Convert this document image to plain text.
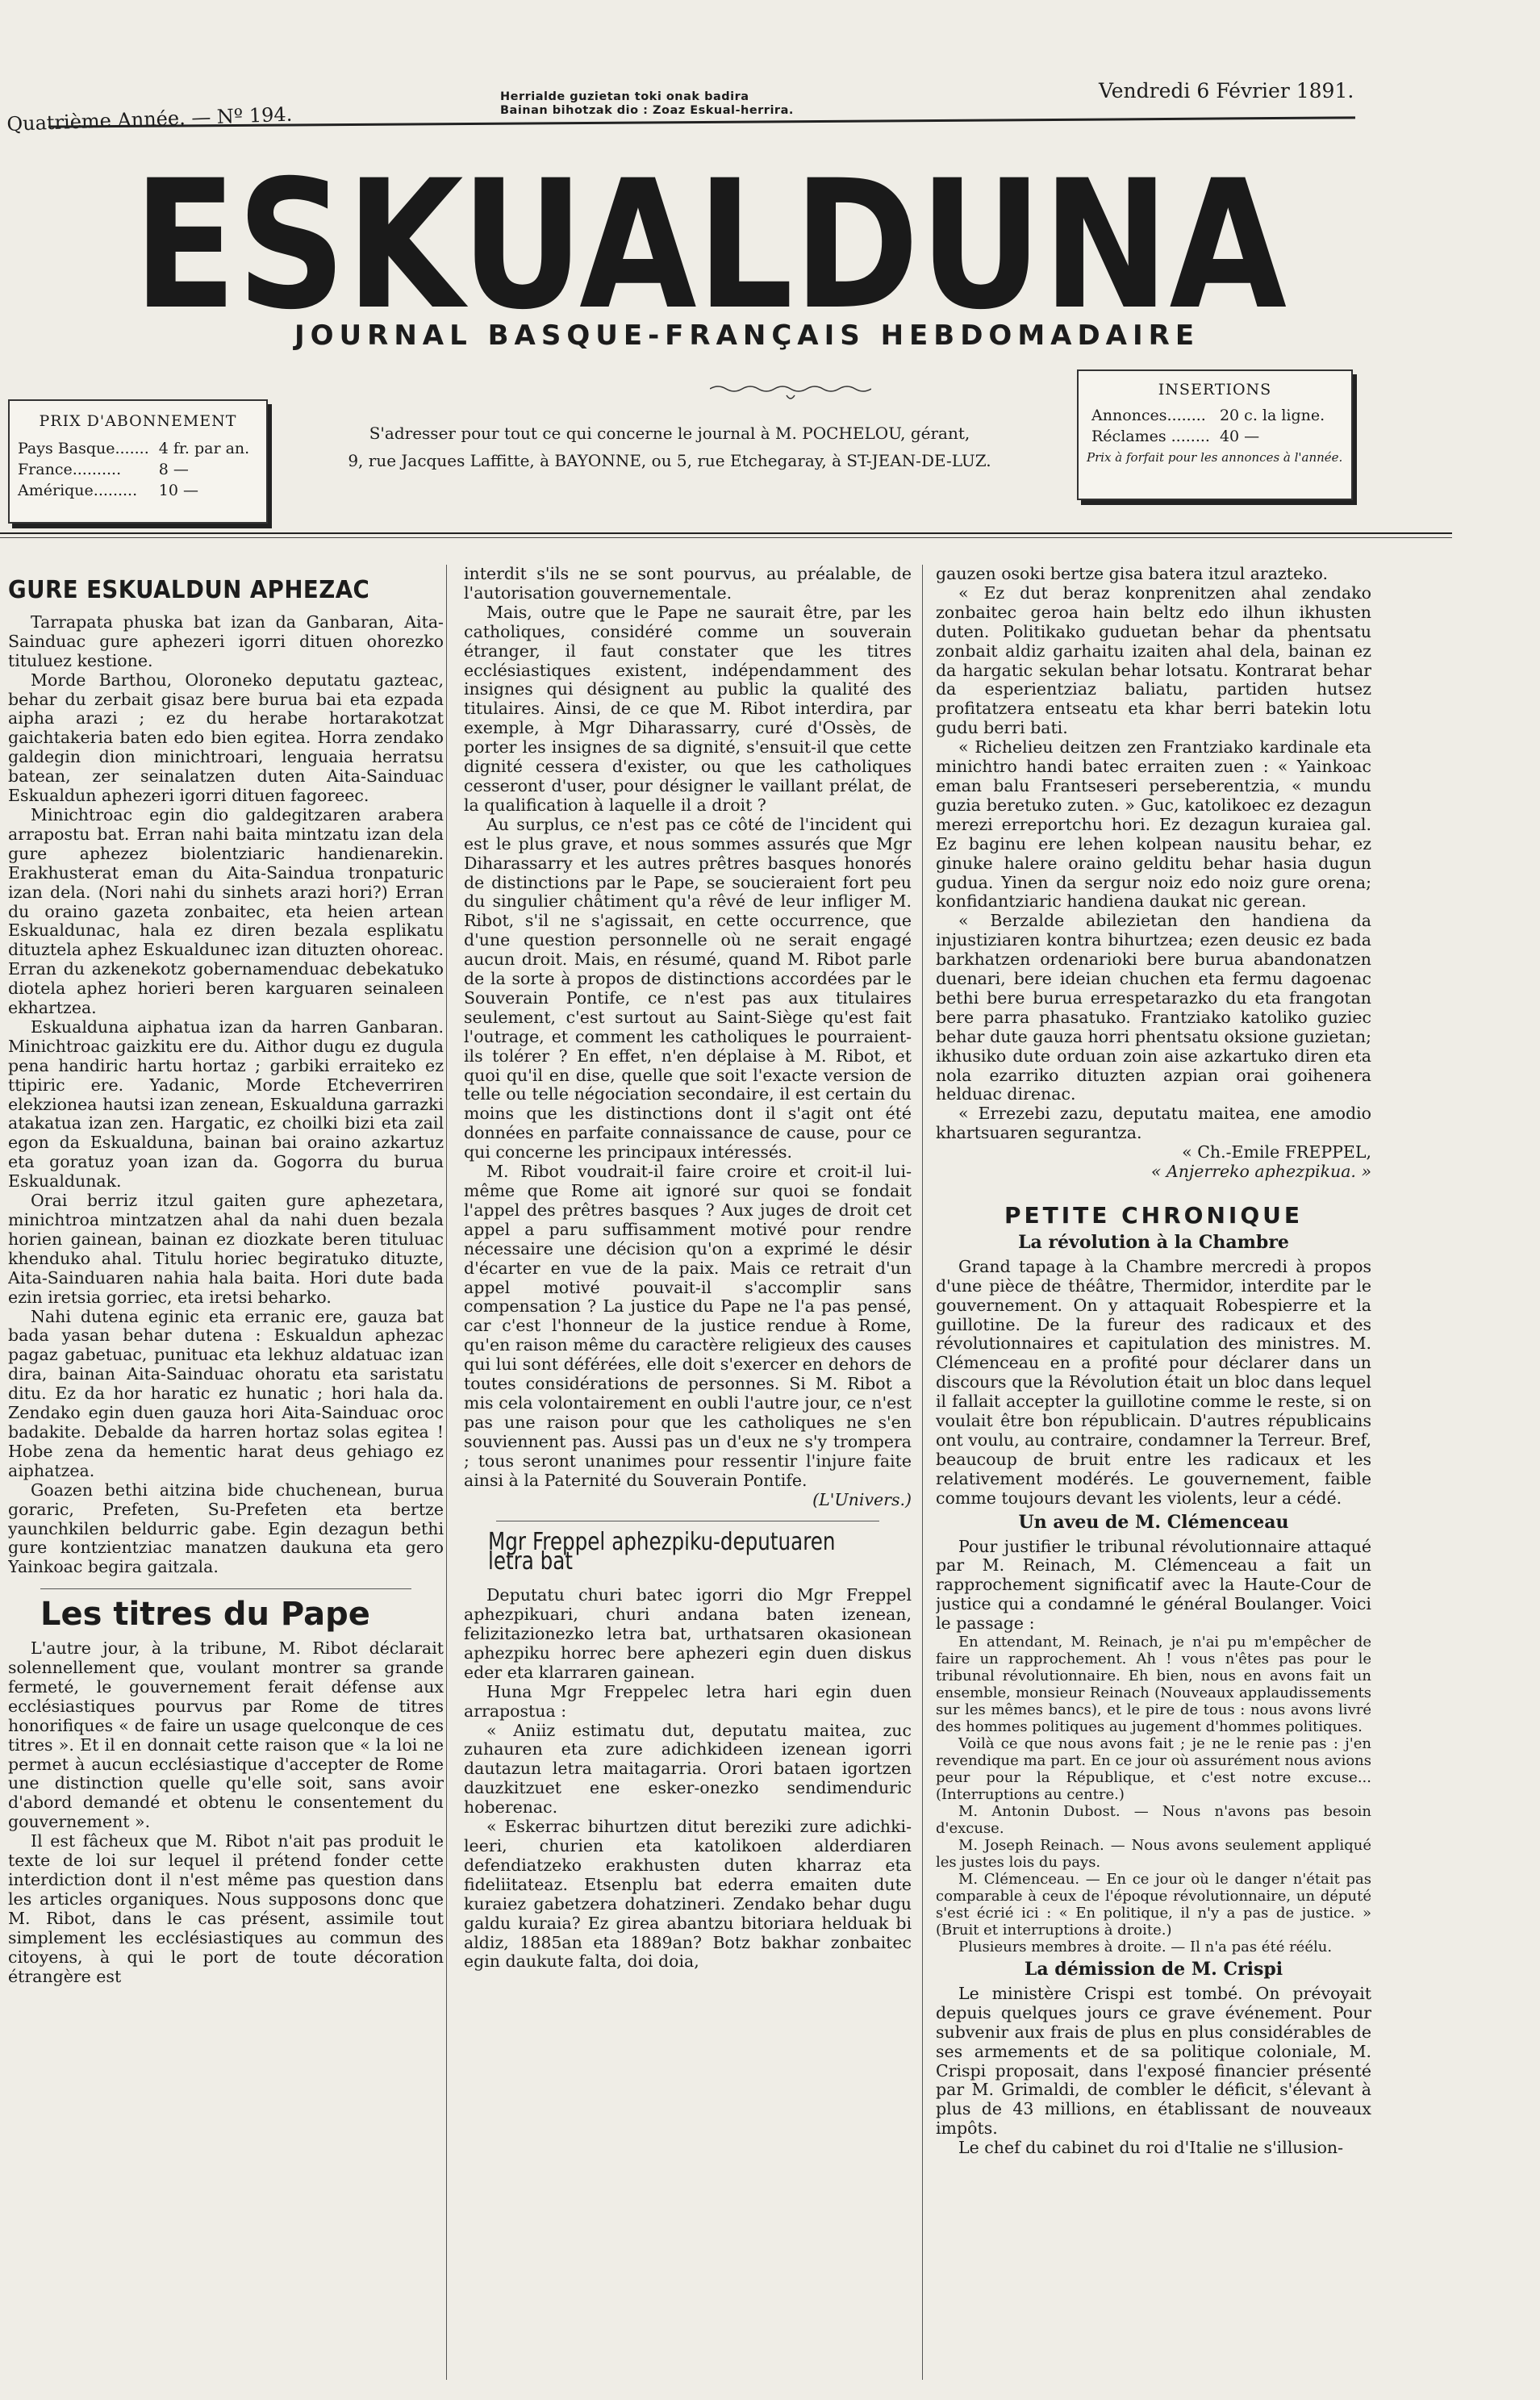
Herrialde guzietan toki onak badira
Bainan bihotzak dio : Zoaz Eskual-herrira.
Quatrième Année. — Nº 194.
Vendredi 6 Février 1891.
ESKUALDUNA
JOURNAL BASQUE-FRANÇAIS HEBDOMADAIRE
PRIX D'ABONNEMENT
Pays Basque.......	4 fr. par an.
France..........	8 —
Amérique.........	10 —
S'adresser pour tout ce qui concerne le journal à M. POCHELOU, gérant,
9, rue Jacques Laffitte, à BAYONNE, ou 5, rue Etchegaray, à ST-JEAN-DE-LUZ.
INSERTIONS
Annonces........	20 c. la ligne.
Réclames ........	40 —
Prix à forfait pour les annonces à l'année.
GURE ESKUALDUN APHEZAC

Tarrapata phuska bat izan da Ganbaran, Aita-Sainduac gure aphezeri igorri dituen ohorezko tituluez kestione.

Morde Barthou, Oloroneko deputatu gazteac, behar du zerbait gisaz bere burua bai eta ezpada aipha arazi ; ez du herabe hortarakotzat gaichtakeria baten edo bien egitea. Horra zendako galdegin dion minichtroari, lenguaia herratsu batean, zer seinalatzen duten Aita-Sainduac Eskualdun aphezeri igorri dituen fagoreec.

Minichtroac egin dio galdegitzaren arabera arrapostu bat. Erran nahi baita mintzatu izan dela gure aphezez biolentziaric handienarekin. Erakhusterat eman du Aita-Saindua tronpaturic izan dela. (Nori nahi du sinhets arazi hori?) Erran du oraino gazeta zonbaitec, eta heien artean Eskualdunac, hala ez diren bezala esplikatu dituztela aphez Eskualdunec izan dituzten ohoreac. Erran du azkenekotz gobernamenduac debekatuko diotela aphez horieri beren karguaren seinaleen ekhartzea.

Eskualduna aiphatua izan da harren Ganbaran. Minichtroac gaizkitu ere du. Aithor dugu ez dugula pena handiric hartu hortaz ; garbiki erraiteko ez ttipiric ere. Yadanic, Morde Etcheverriren elekzionea hautsi izan zenean, Eskualduna garrazki atakatua izan zen. Hargatic, ez choilki bizi eta zail egon da Eskualduna, bainan bai oraino azkartuz eta goratuz yoan izan da. Gogorra du burua Eskualdunak.

Orai berriz itzul gaiten gure aphezetara, minichtroa mintzatzen ahal da nahi duen bezala horien gainean, bainan ez diozkate beren tituluac khenduko ahal. Titulu horiec begiratuko dituzte, Aita-Sainduaren nahia hala baita. Hori dute bada ezin iretsia gorriec, eta iretsi beharko.

Nahi dutena eginic eta erranic ere, gauza bat bada yasan behar dutena : Eskualdun aphezac pagaz gabetuac, punituac eta lekhuz aldatuac izan dira, bainan Aita-Sainduac ohoratu eta saristatu ditu. Ez da hor haratic ez hunatic ; hori hala da. Zendako egin duen gauza hori Aita-Sainduac oroc badakite. Debalde da harren hortaz solas egitea ! Hobe zena da hementic harat deus gehiago ez aiphatzea.

Goazen bethi aitzina bide chuchenean, burua goraric, Prefeten, Su-Prefeten eta bertze yaunchkilen beldurric gabe. Egin dezagun bethi gure kontzientziac manatzen daukuna eta gero Yainkoac begira gaitzala.

Les titres du Pape

L'autre jour, à la tribune, M. Ribot déclarait solennellement que, voulant montrer sa grande fermeté, le gouvernement ferait défense aux ecclésiastiques pourvus par Rome de titres honorifiques « de faire un usage quelconque de ces titres ». Et il en donnait cette raison que « la loi ne permet à aucun ecclésiastique d'accepter de Rome une distinction quelle qu'elle soit, sans avoir d'abord demandé et obtenu le consentement du gouvernement ».

Il est fâcheux que M. Ribot n'ait pas produit le texte de loi sur lequel il prétend fonder cette interdiction dont il n'est même pas question dans les articles organiques. Nous supposons donc que M. Ribot, dans le cas présent, assimile tout simplement les ecclésiastiques au commun des citoyens, à qui le port de toute décoration étrangère est

interdit s'ils ne se sont pourvus, au préalable, de l'autorisation gouvernementale.

Mais, outre que le Pape ne saurait être, par les catholiques, considéré comme un souverain étranger, il faut constater que les titres ecclésiastiques existent, indépendamment des insignes qui désignent au public la qualité des titulaires. Ainsi, de ce que M. Ribot interdira, par exemple, à Mgr Diharassarry, curé d'Ossès, de porter les insignes de sa dignité, s'ensuit-il que cette dignité cessera d'exister, ou que les catholiques cesseront d'user, pour désigner le vaillant prélat, de la qualification à laquelle il a droit ?

Au surplus, ce n'est pas ce côté de l'incident qui est le plus grave, et nous sommes assurés que Mgr Diharassarry et les autres prêtres basques honorés de distinctions par le Pape, se soucieraient fort peu du singulier châtiment qu'a rêvé de leur infliger M. Ribot, s'il ne s'agissait, en cette occurrence, que d'une question personnelle où ne serait engagé aucun droit. Mais, en résumé, quand M. Ribot parle de la sorte à propos de distinctions accordées par le Souverain Pontife, ce n'est pas aux titulaires seulement, c'est surtout au Saint-Siège qu'est fait l'outrage, et comment les catholiques le pourraient-ils tolérer ? En effet, n'en déplaise à M. Ribot, et quoi qu'il en dise, quelle que soit l'exacte version de telle ou telle négociation secondaire, il est certain du moins que les distinctions dont il s'agit ont été données en parfaite connaissance de cause, pour ce qui concerne les principaux intéressés.

M. Ribot voudrait-il faire croire et croit-il lui-même que Rome ait ignoré sur quoi se fondait l'appel des prêtres basques ? Aux juges de droit cet appel a paru suffisamment motivé pour rendre nécessaire une décision qu'on a exprimé le désir d'écarter en vue de la paix. Mais ce retrait d'un appel motivé pouvait-il s'accomplir sans compensation ? La justice du Pape ne l'a pas pensé, car c'est l'honneur de la justice rendue à Rome, qu'en raison même du caractère religieux des causes qui lui sont déférées, elle doit s'exercer en dehors de toutes considérations de personnes. Si M. Ribot a mis cela volontairement en oubli l'autre jour, ce n'est pas une raison pour que les catholiques ne s'en souviennent pas. Aussi pas un d'eux ne s'y trompera ; tous seront unanimes pour ressentir l'injure faite ainsi à la Paternité du Souverain Pontife.

(L'Univers.)
Mgr Freppel aphezpiku-deputuaren letra bat

Deputatu churi batec igorri dio Mgr Freppel aphezpikuari, churi andana baten izenean, felizitazionezko letra bat, urthatsaren okasionean aphezpiku horrec bere aphezeri egin duen diskus eder eta klarraren gainean.

Huna Mgr Freppelec letra hari egin duen arrapostua :

« Aniiz estimatu dut, deputatu maitea, zuc zuhauren eta zure adichkideen izenean igorri dautazun letra maitagarria. Orori bataen igortzen dauzkitzuet ene esker-onezko sendimenduric hoberenac.

« Eskerrac bihurtzen ditut bereziki zure adichki-leeri, churien eta katolikoen alderdiaren defendiatzeko erakhusten duten kharraz eta fideliitateaz. Etsenplu bat ederra emaiten dute kuraiez gabetzera dohatzineri. Zendako behar dugu galdu kuraia? Ez girea abantzu bitoriara helduak bi aldiz, 1885an eta 1889an? Botz bakhar zonbaitec egin daukute falta, doi doia,

gauzen osoki bertze gisa batera itzul arazteko.

« Ez dut beraz konprenitzen ahal zendako zonbaitec geroa hain beltz edo ilhun ikhusten duten. Politikako guduetan behar da phentsatu zonbait aldiz garhaitu izaiten ahal dela, bainan ez da hargatic sekulan behar lotsatu. Kontrarat behar da esperientziaz baliatu, partiden hutsez profitatzera entseatu eta khar berri batekin lotu gudu berri bati.

« Richelieu deitzen zen Frantziako kardinale eta minichtro handi batec erraiten zuen : « Yainkoac eman balu Frantseseri perseberentzia, « mundu guzia beretuko zuten. » Guc, katolikoec ez dezagun merezi erreportchu hori. Ez dezagun kuraiea gal. Ez baginu ere lehen kolpean nausitu behar, ez ginuke halere oraino gelditu behar hasia dugun gudua. Yinen da sergur noiz edo noiz gure orena; konfidantziaric handiena daukat nic gerean.

« Berzalde abilezietan den handiena da injustiziaren kontra bihurtzea; ezen deusic ez bada barkhatzen ordenarioki bere burua abandonatzen duenari, bere ideian chuchen eta fermu dagoenac bethi bere burua errespetarazko du eta frangotan bere parra phasatuko. Frantziako katoliko guziec behar dute gauza horri phentsatu oksione guzietan; ikhusiko dute orduan zoin aise azkartuko diren eta nola ezarriko dituzten azpian orai goihenera helduac direnac.

« Errezebi zazu, deputatu maitea, ene amodio khartsuaren segurantza.

« Ch.-Emile FREPPEL,
« Anjerreko aphezpikua. »
PETITE CHRONIQUE
La révolution à la Chambre

Grand tapage à la Chambre mercredi à propos d'une pièce de théâtre, Thermidor, interdite par le gouvernement. On y attaquait Robespierre et la guillotine. De la fureur des radicaux et des révolutionnaires et capitulation des ministres. M. Clémenceau en a profité pour déclarer dans un discours que la Révolution était un bloc dans lequel il fallait accepter la guillotine comme le reste, si on voulait être bon républicain. D'autres républicains ont voulu, au contraire, condamner la Terreur. Bref, beaucoup de bruit entre les radicaux et les relativement modérés. Le gouvernement, faible comme toujours devant les violents, leur a cédé.

Un aveu de M. Clémenceau

Pour justifier le tribunal révolutionnaire attaqué par M. Reinach, M. Clémenceau a fait un rapprochement significatif avec la Haute-Cour de justice qui a condamné le général Boulanger. Voici le passage :

En attendant, M. Reinach, je n'ai pu m'empêcher de faire un rapprochement. Ah ! vous n'êtes pas pour le tribunal révolutionnaire. Eh bien, nous en avons fait un ensemble, monsieur Reinach (Nouveaux applaudissements sur les mêmes bancs), et le pire de tous : nous avons livré des hommes politiques au jugement d'hommes politiques.

Voilà ce que nous avons fait ; je ne le renie pas : j'en revendique ma part. En ce jour où assurément nous avions peur pour la République, et c'est notre excuse... (Interruptions au centre.)

M. Antonin Dubost. — Nous n'avons pas besoin d'excuse.

M. Joseph Reinach. — Nous avons seulement appliqué les justes lois du pays.

M. Clémenceau. — En ce jour où le danger n'était pas comparable à ceux de l'époque révolutionnaire, un député s'est écrié ici : « En politique, il n'y a pas de justice. » (Bruit et interruptions à droite.)

Plusieurs membres à droite. — Il n'a pas été réélu.

La démission de M. Crispi

Le ministère Crispi est tombé. On prévoyait depuis quelques jours ce grave événement. Pour subvenir aux frais de plus en plus considérables de ses armements et de sa politique coloniale, M. Crispi proposait, dans l'exposé financier présenté par M. Grimaldi, de combler le déficit, s'élevant à plus de 43 millions, en établissant de nouveaux impôts.

Le chef du cabinet du roi d'Italie ne s'illusion-
